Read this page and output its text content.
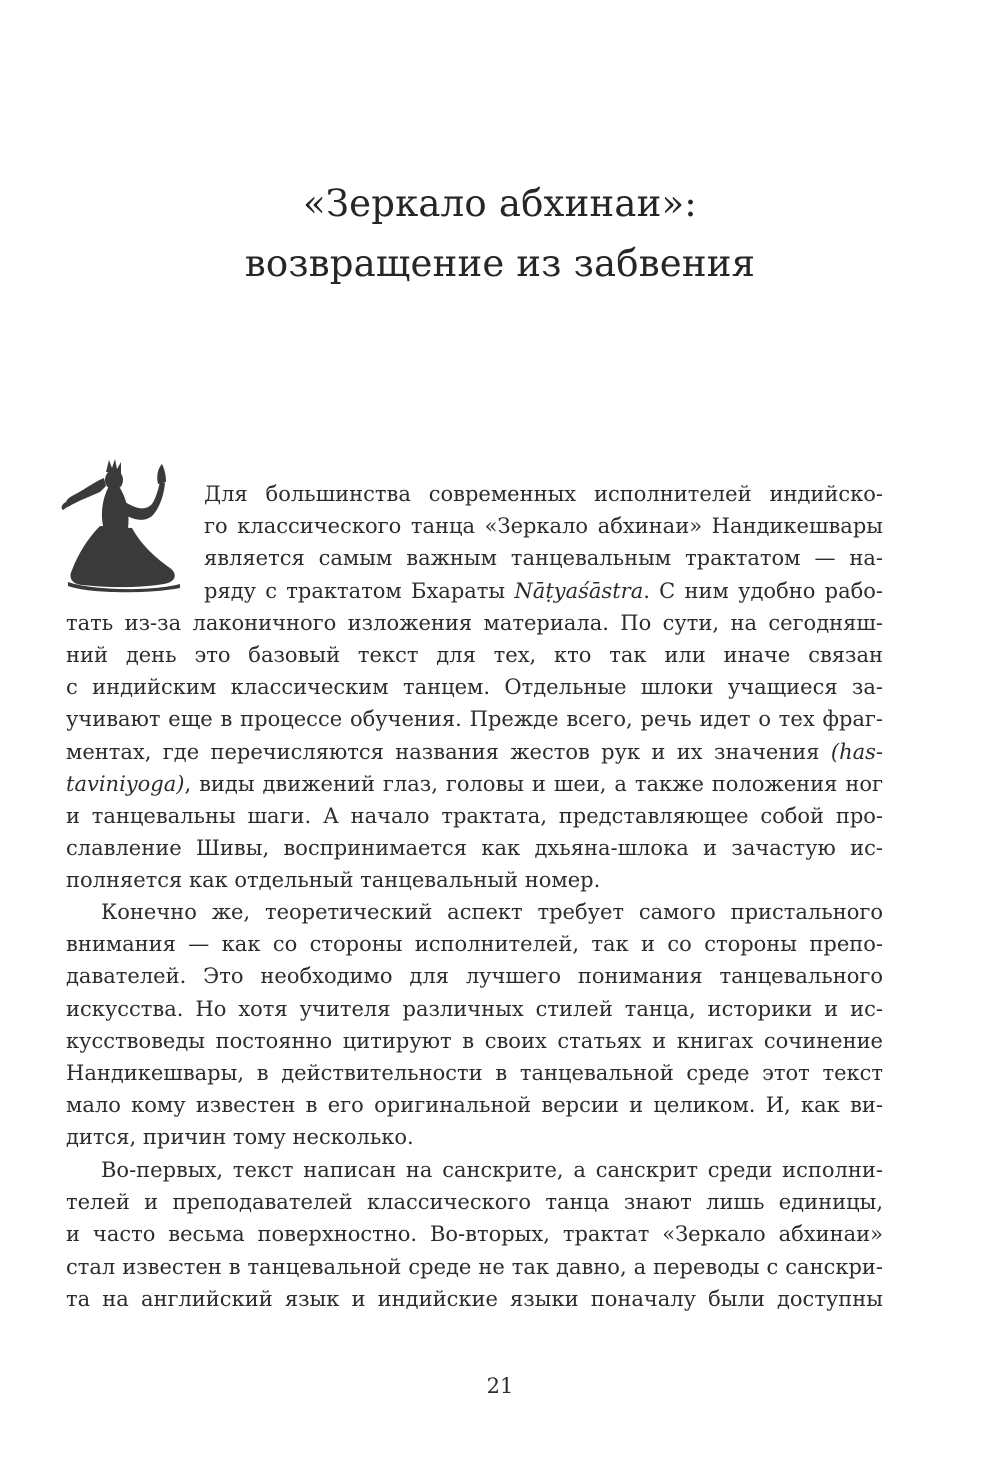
«Зеркало абхинаи»:
возвращение из забвения
Для большинства современных исполнителей индийско-
го классического танца «Зеркало абхинаи» Нандикешвары
является самым важным танцевальным трактатом — на-
ряду с трактатом Бхараты Nāṭyaśāstra. С ним удобно рабо-
тать из-за лаконичного изложения материала. По сути, на сегодняш-
ний день это базовый текст для тех, кто так или иначе связан
с индийским классическим танцем. Отдельные шлоки учащиеся за-
учивают еще в процессе обучения. Прежде всего, речь идет о тех фраг-
ментах, где перечисляются названия жестов рук и их значения (has-
taviniyoga), виды движений глаз, головы и шеи, а также положения ног
и танцевальны шаги. А начало трактата, представляющее собой про-
славление Шивы, воспринимается как дхьяна-шлока и зачастую ис-
полняется как отдельный танцевальный номер.
Конечно же, теоретический аспект требует самого пристального
внимания — как со стороны исполнителей, так и со стороны препо-
давателей. Это необходимо для лучшего понимания танцевального
искусства. Но хотя учителя различных стилей танца, историки и ис-
кусствоведы постоянно цитируют в своих статьях и книгах сочинение
Нандикешвары, в действительности в танцевальной среде этот текст
мало кому известен в его оригинальной версии и целиком. И, как ви-
дится, причин тому несколько.
Во-первых, текст написан на санскрите, а санскрит среди исполни-
телей и преподавателей классического танца знают лишь единицы,
и часто весьма поверхностно. Во-вторых, трактат «Зеркало абхинаи»
стал известен в танцевальной среде не так давно, а переводы с санскри-
та на английский язык и индийские языки поначалу были доступны
21
